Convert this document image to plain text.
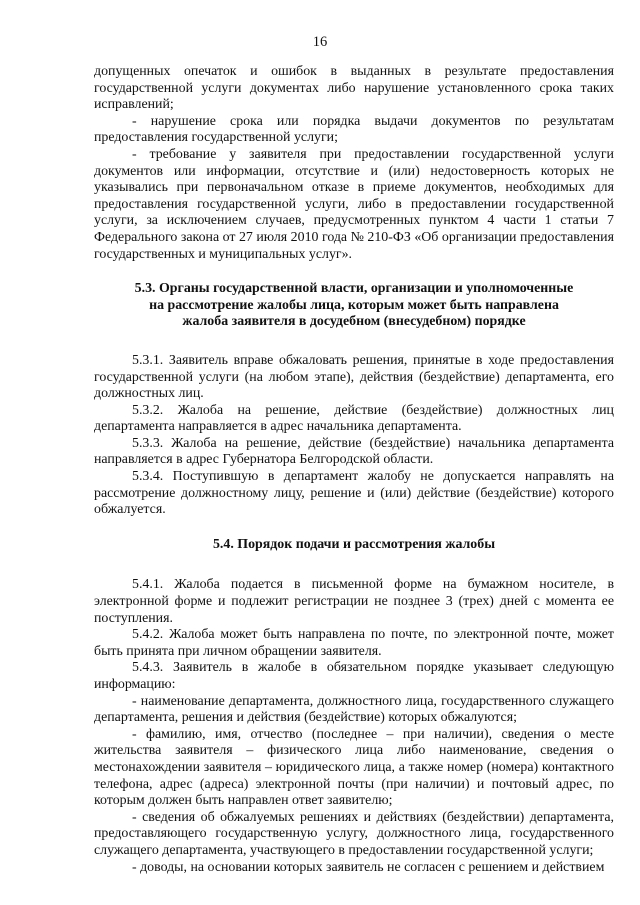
16

допущенных опечаток и ошибок в выданных в результате предоставления государственной услуги документах либо нарушение установленного срока таких исправлений;

- нарушение срока или порядка выдачи документов по результатам предоставления государственной услуги;

- требование у заявителя при предоставлении государственной услуги документов или информации, отсутствие и (или) недостоверность которых не указывались при первоначальном отказе в приеме документов, необходимых для предоставления государственной услуги, либо в предоставлении государственной услуги, за исключением случаев, предусмотренных пунктом 4 части 1 статьи 7 Федерального закона от 27 июля 2010 года № 210-ФЗ «Об организации предоставления государственных и муниципальных услуг».

5.3. Органы государственной власти, организации и уполномоченные

на рассмотрение жалобы лица, которым может быть направлена

жалоба заявителя в досудебном (внесудебном) порядке

5.3.1. Заявитель вправе обжаловать решения, принятые в ходе предоставления государственной услуги (на любом этапе), действия (бездействие) департамента, его должностных лиц.

5.3.2. Жалоба на решение, действие (бездействие) должностных лиц департамента направляется в адрес начальника департамента.

5.3.3. Жалоба на решение, действие (бездействие) начальника департамента направляется в адрес Губернатора Белгородской области.

5.3.4. Поступившую в департамент жалобу не допускается направлять на рассмотрение должностному лицу, решение и (или) действие (бездействие) которого обжалуется.

5.4. Порядок подачи и рассмотрения жалобы

5.4.1. Жалоба подается в письменной форме на бумажном носителе, в электронной форме и подлежит регистрации не позднее 3 (трех) дней с момента ее поступления.

5.4.2. Жалоба может быть направлена по почте, по электронной почте, может быть принята при личном обращении заявителя.

5.4.3. Заявитель в жалобе в обязательном порядке указывает следующую информацию:

- наименование департамента, должностного лица, государственного служащего департамента, решения и действия (бездействие) которых обжалуются;

- фамилию, имя, отчество (последнее – при наличии), сведения о месте жительства заявителя – физического лица либо наименование, сведения о местонахождении заявителя – юридического лица, а также номер (номера) контактного телефона, адрес (адреса) электронной почты (при наличии) и почтовый адрес, по которым должен быть направлен ответ заявителю;

- сведения об обжалуемых решениях и действиях (бездействии) департамента, предоставляющего государственную услугу, должностного лица, государственного служащего департамента, участвующего в предоставлении государственной услуги;

- доводы, на основании которых заявитель не согласен с решением и действием
